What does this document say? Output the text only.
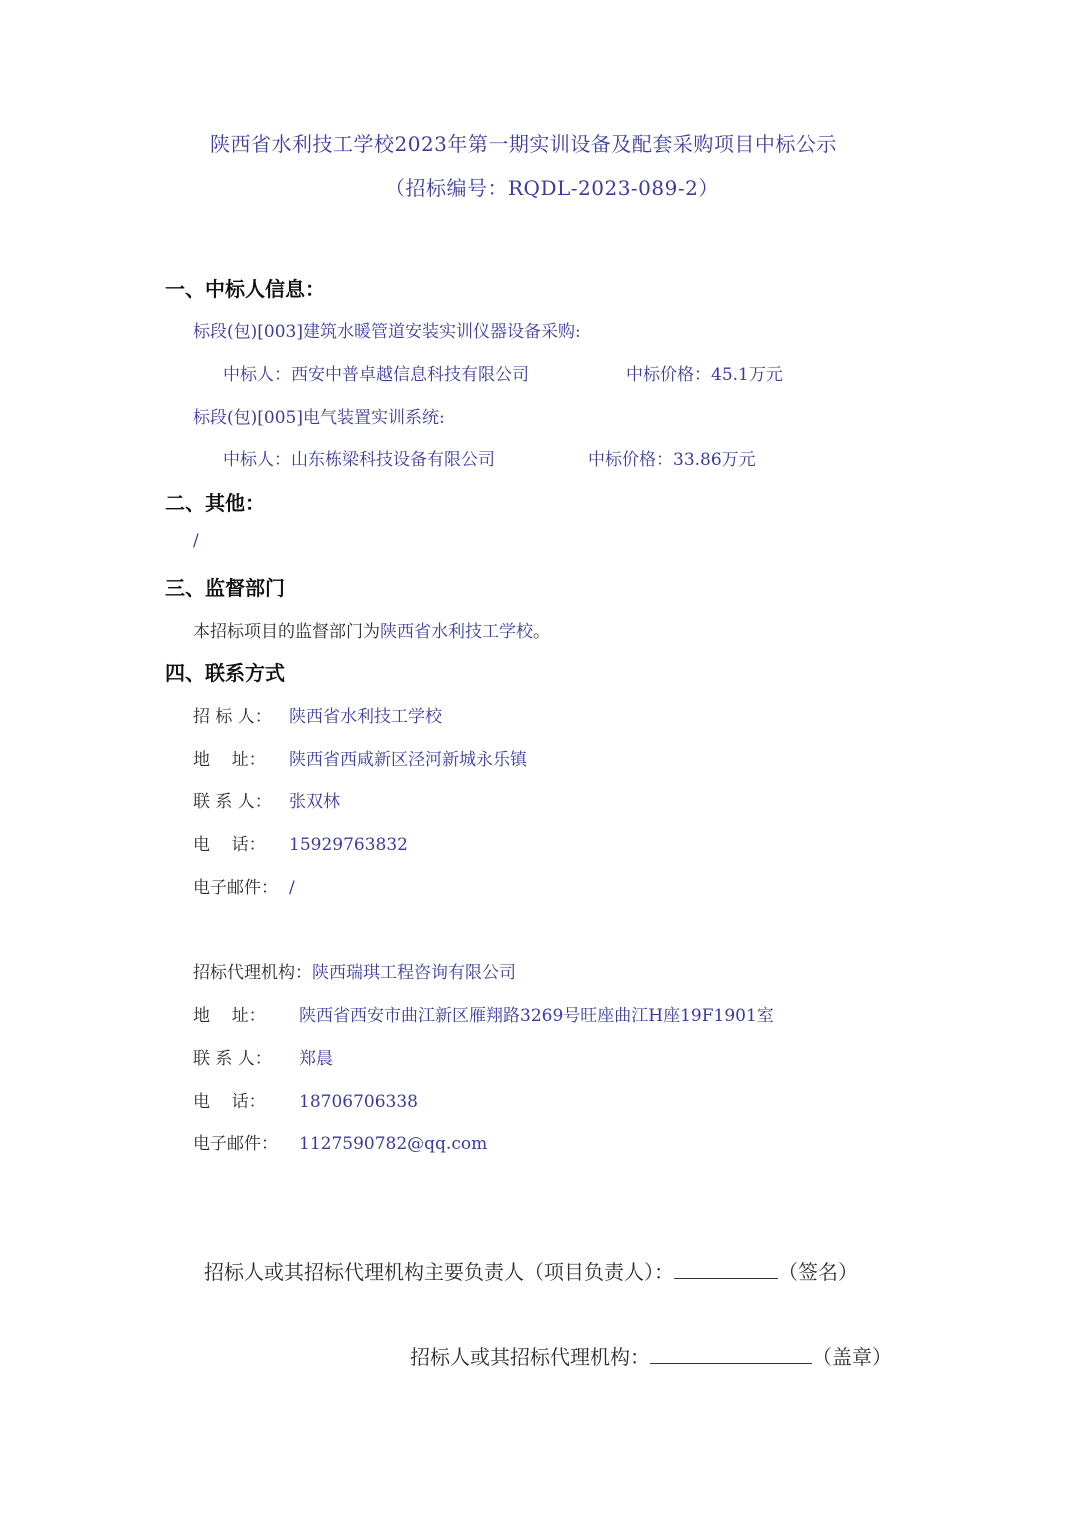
陕西省水利技工学校2023年第一期实训设备及配套采购项目中标公示
（招标编号：RQDL-2023-089-2）
一、中标人信息：
标段(包)[003]建筑水暖管道安装实训仪器设备采购:
中标人：西安中普卓越信息科技有限公司	中标价格：45.1万元
标段(包)[005]电气装置实训系统:
中标人：山东栋梁科技设备有限公司	中标价格：33.86万元
二、其他：
/
三、监督部门
本招标项目的监督部门为陕西省水利技工学校。
四、联系方式
招 标 人： 陕西省水利技工学校
地    址： 陕西省西咸新区泾河新城永乐镇
联 系 人： 张双林
电    话： 15929763832
电子邮件： /
招标代理机构：陕西瑞琪工程咨询有限公司
地    址： 陕西省西安市曲江新区雁翔路3269号旺座曲江H座19F1901室
联 系 人： 郑晨
电    话： 18706706338
电子邮件： 1127590782@qq.com
招标人或其招标代理机构主要负责人（项目负责人）：	（签名）
招标人或其招标代理机构：	（盖章）
